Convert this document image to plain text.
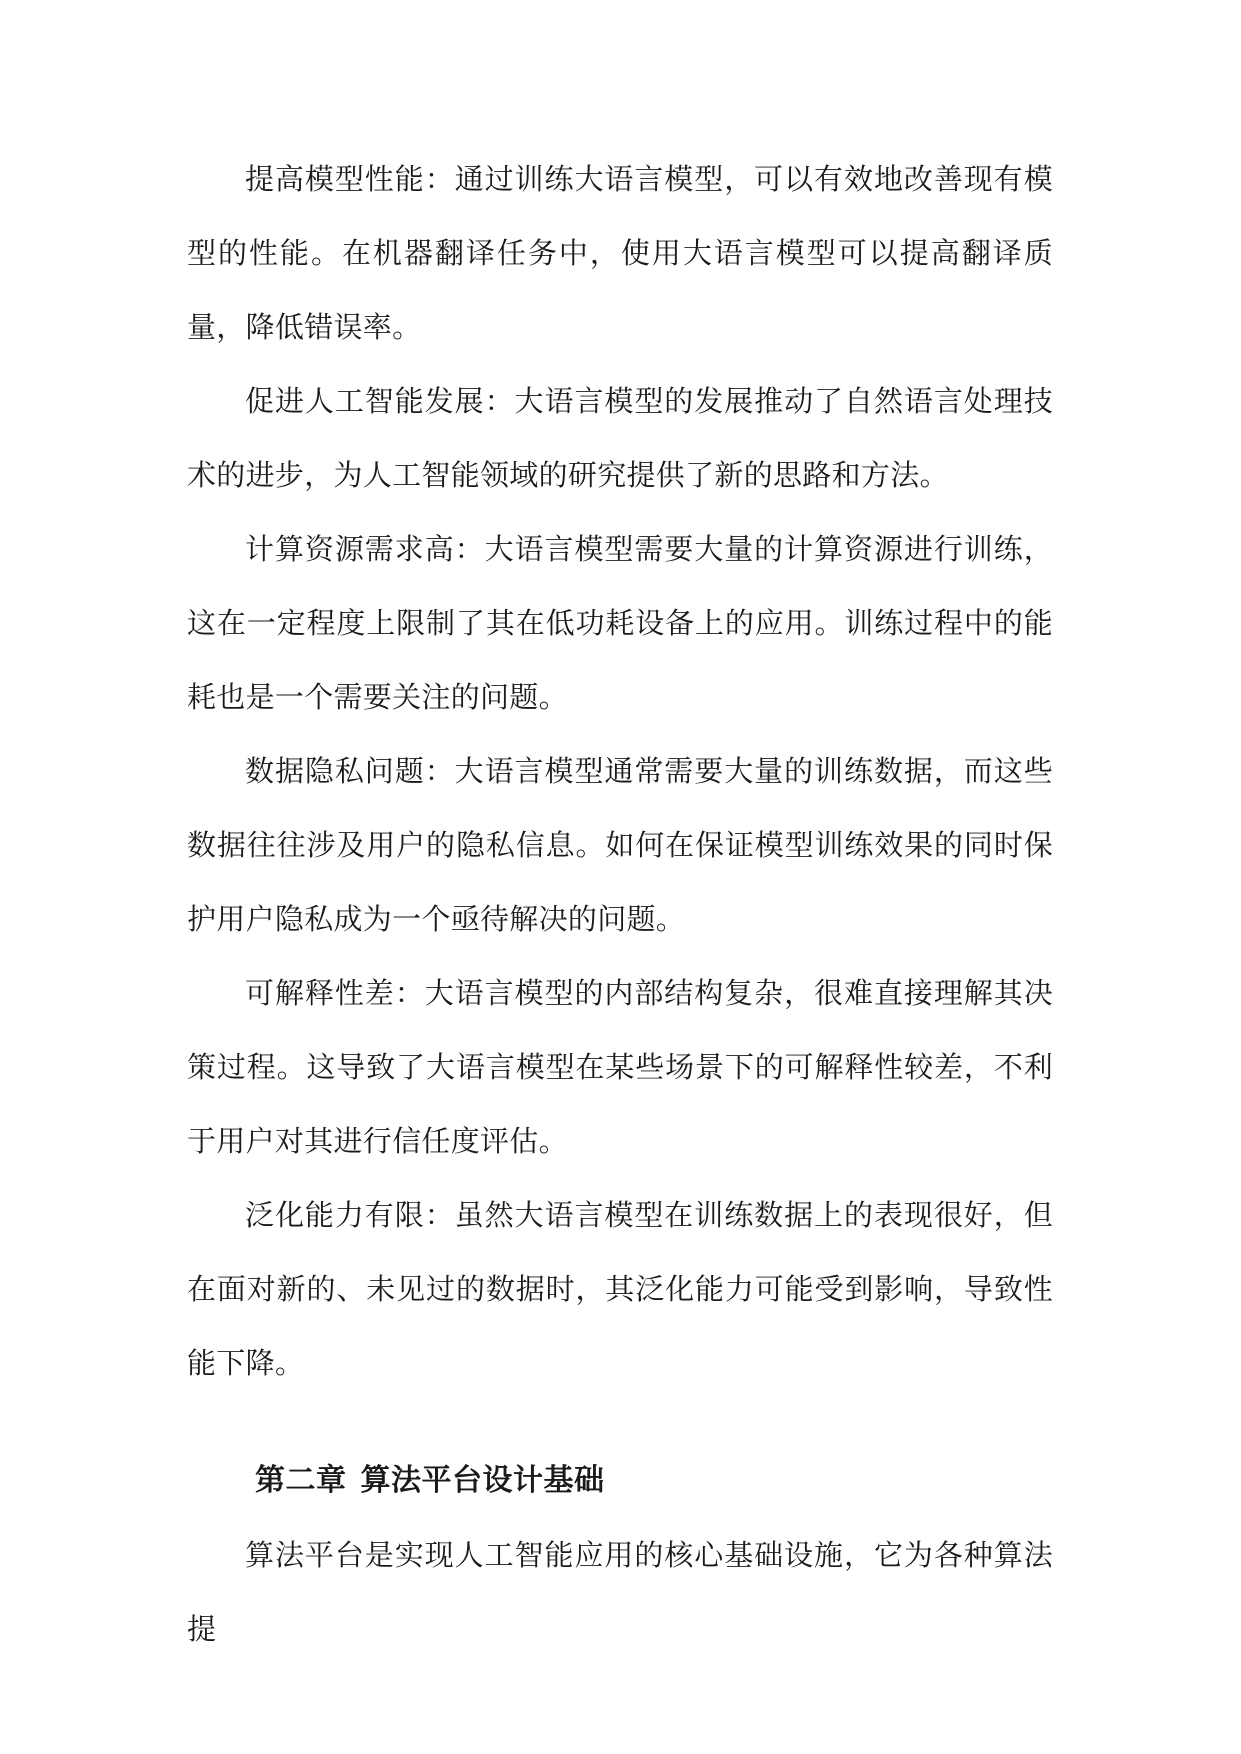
提高模型性能：通过训练大语言模型，可以有效地改善现有模型的性能。在机器翻译任务中，使用大语言模型可以提高翻译质量，降低错误率。

促进人工智能发展：大语言模型的发展推动了自然语言处理技术的进步，为人工智能领域的研究提供了新的思路和方法。

计算资源需求高：大语言模型需要大量的计算资源进行训练，这在一定程度上限制了其在低功耗设备上的应用。训练过程中的能耗也是一个需要关注的问题。

数据隐私问题：大语言模型通常需要大量的训练数据，而这些数据往往涉及用户的隐私信息。如何在保证模型训练效果的同时保护用户隐私成为一个亟待解决的问题。

可解释性差：大语言模型的内部结构复杂，很难直接理解其决策过程。这导致了大语言模型在某些场景下的可解释性较差，不利于用户对其进行信任度评估。

泛化能力有限：虽然大语言模型在训练数据上的表现很好，但在面对新的、未见过的数据时，其泛化能力可能受到影响，导致性能下降。

第二章 算法平台设计基础

算法平台是实现人工智能应用的核心基础设施，它为各种算法提
